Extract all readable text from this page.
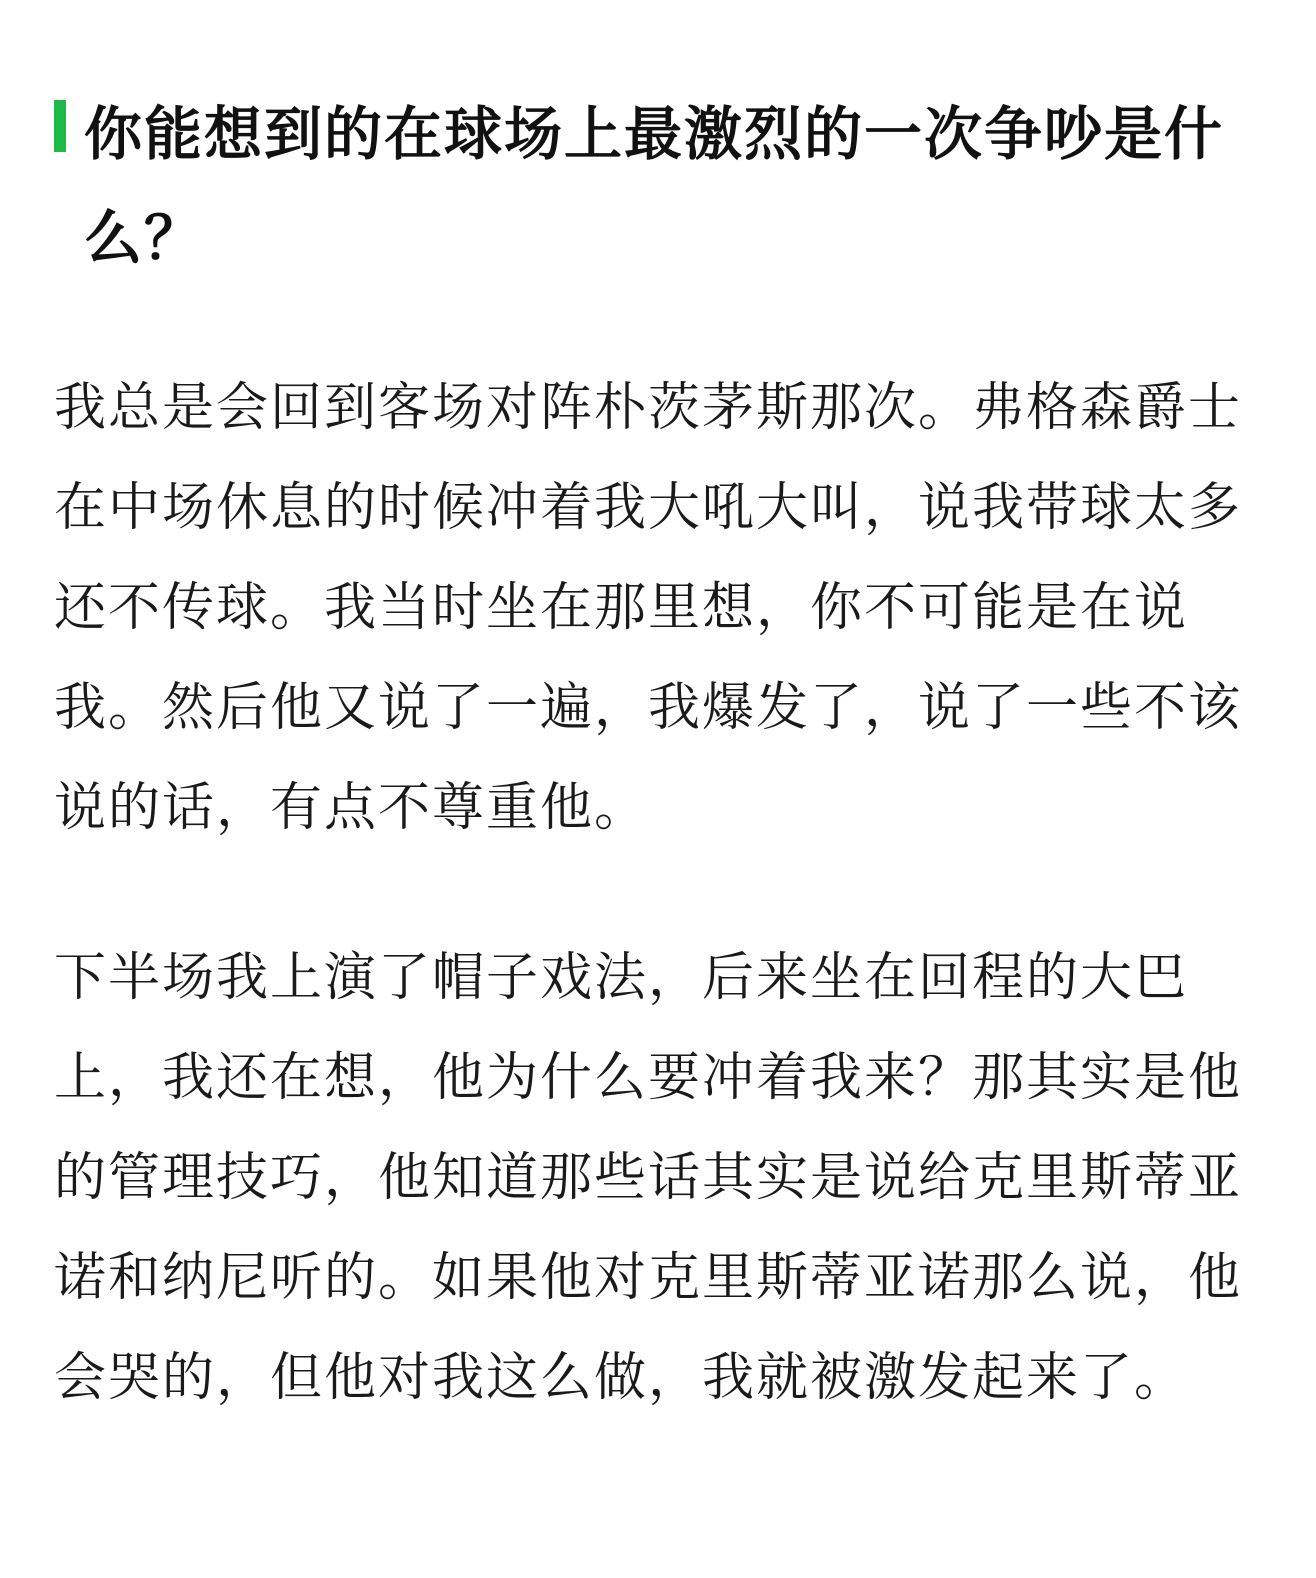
你能想到的在球场上最激烈的一次争吵是什么？

我总是会回到客场对阵朴茨茅斯那次。弗格森爵士在中场休息的时候冲着我大吼大叫，说我带球太多还不传球。我当时坐在那里想，你不可能是在说我。然后他又说了一遍，我爆发了，说了一些不该说的话，有点不尊重他。

下半场我上演了帽子戏法，后来坐在回程的大巴上，我还在想，他为什么要冲着我来？那其实是他的管理技巧，他知道那些话其实是说给克里斯蒂亚诺和纳尼听的。如果他对克里斯蒂亚诺那么说，他会哭的，但他对我这么做，我就被激发起来了。
